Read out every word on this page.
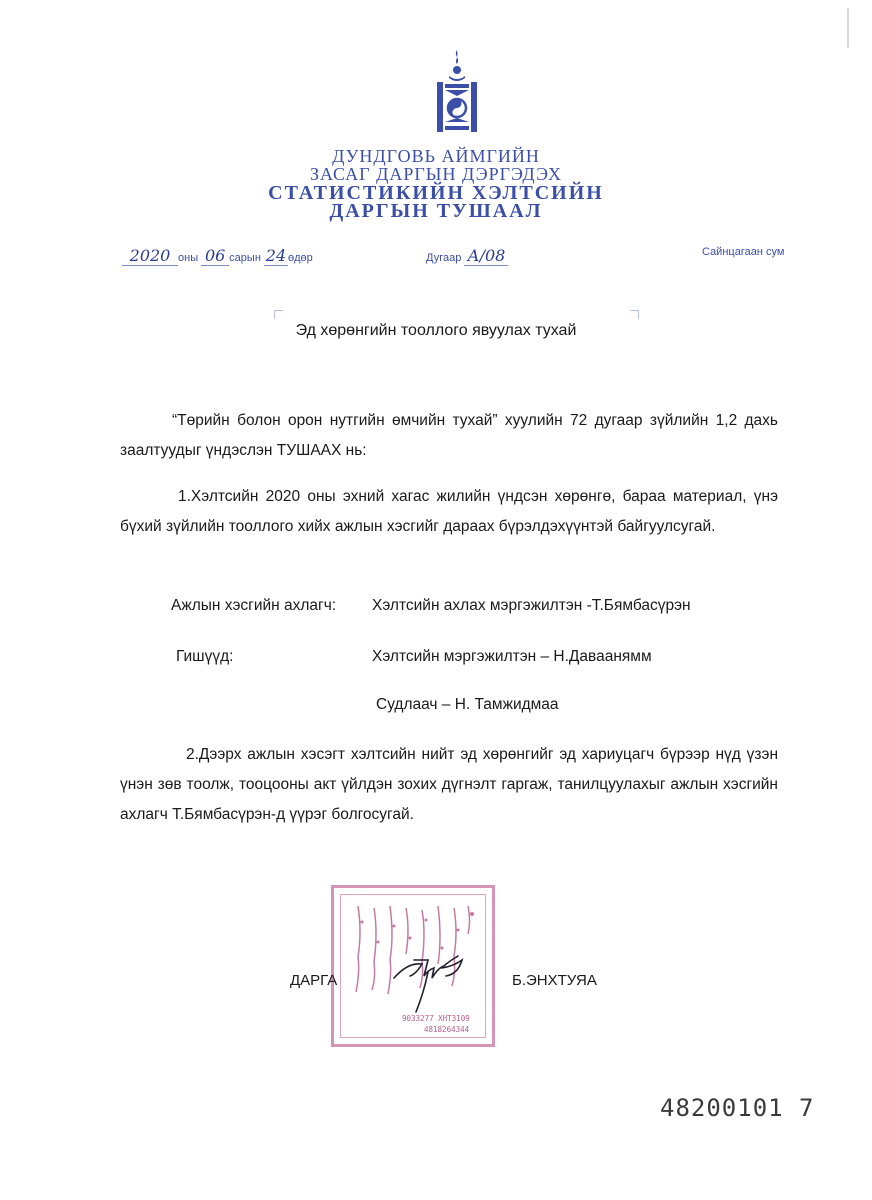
ДУНДГОВЬ АЙМГИЙН
ЗАСАГ ДАРГЫН ДЭРГЭДЭХ
СТАТИСТИКИЙН ХЭЛТСИЙН
ДАРГЫН ТУШААЛ
2020 оны 06 сарын 24 өдөр	Дугаар А/08	Сайнцагаан сум
Эд хөрөнгийн тооллого явуулах тухай
“Төрийн болон орон нутгийн өмчийн тухай” хуулийн 72 дугаар зүйлийн 1,2 дахь заалтуудыг үндэслэн ТУШААХ нь:
1.Хэлтсийн 2020 оны эхний хагас жилийн үндсэн хөрөнгө, бараа материал, үнэ бүхий зүйлийн тооллого хийх ажлын хэсгийг дараах бүрэлдэхүүнтэй байгуулсугай.
Ажлын хэсгийн ахлагч: Хэлтсийн ахлах мэргэжилтэн -Т.Бямбасүрэн
Гишүүд:	Хэлтсийн мэргэжилтэн – Н.Даваанямм
Судлаач – Н. Тамжидмаа
2.Дээрх ажлын хэсэгт хэлтсийн нийт эд хөрөнгийг эд хариуцагч бүрээр нүд үзэн үнэн зөв тоолж, тооцооны акт үйлдэн зохих дүгнэлт гаргаж, танилцуулахыг ажлын хэсгийн ахлагч Т.Бямбасүрэн-д үүрэг болгосугай.
9033277 ХНТ3109
4818264344
ДАРГА	Б.ЭНХТУЯА
48200101 7
